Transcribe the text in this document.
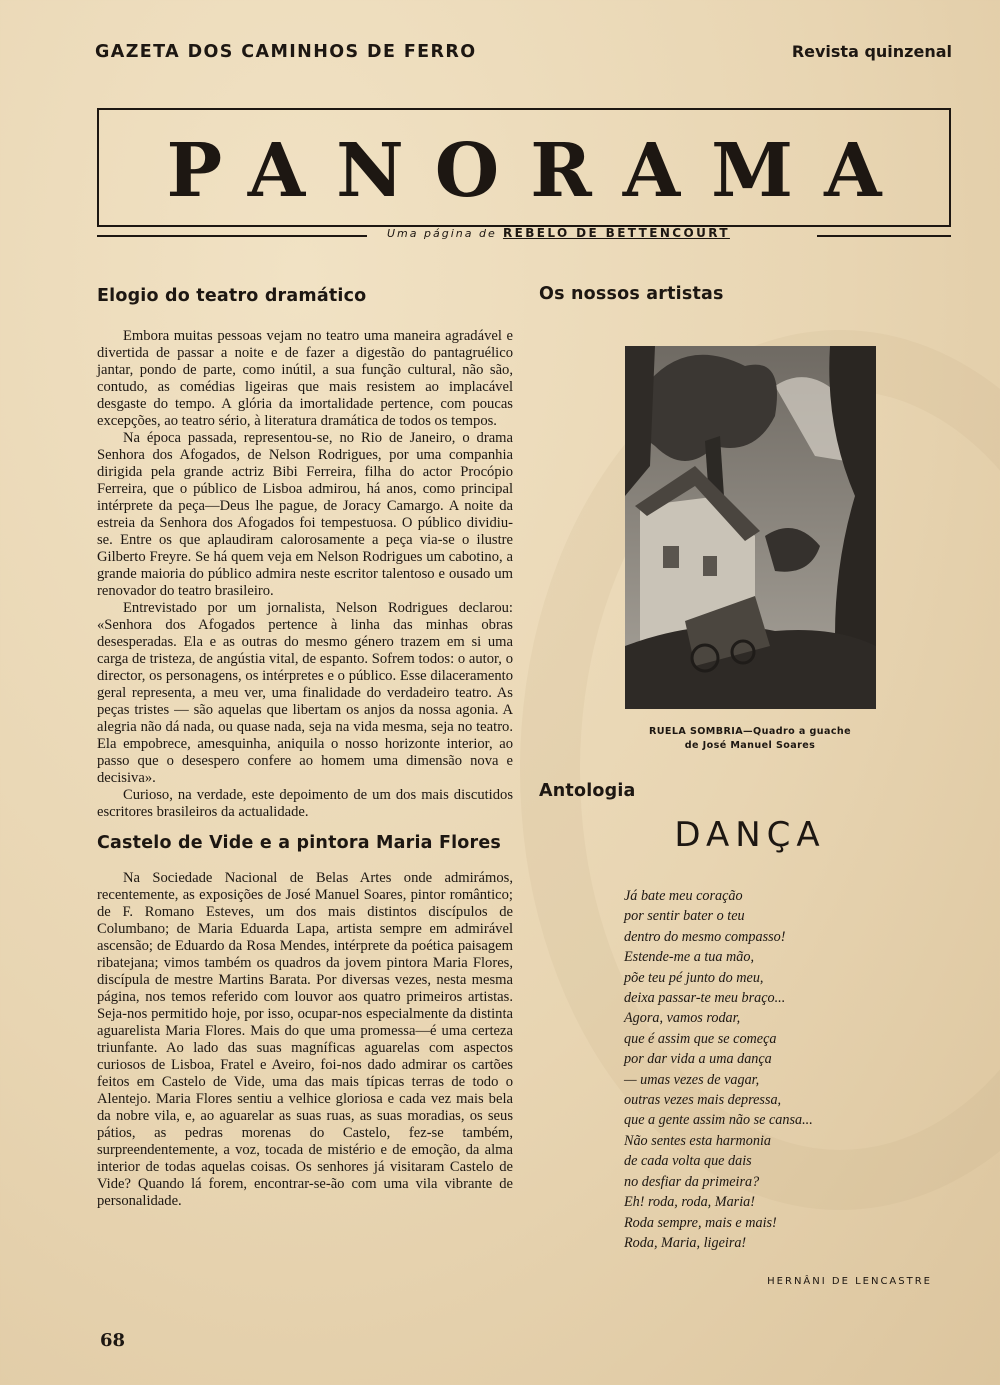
GAZETA DOS CAMINHOS DE FERRO	Revista quinzenal
PANORAMA
Uma página de REBELO DE BETTENCOURT
Elogio do teatro dramático

Embora muitas pessoas vejam no teatro uma maneira agradável e divertida de passar a noite e de fazer a digestão do pantagruélico jantar, pondo de parte, como inútil, a sua função cultural, não são, contudo, as comédias ligeiras que mais resistem ao implacável desgaste do tempo. A glória da imortalidade pertence, com poucas excepções, ao teatro sério, à literatura dramática de todos os tempos.

Na época passada, representou-se, no Rio de Janeiro, o drama Senhora dos Afogados, de Nelson Rodrigues, por uma companhia dirigida pela grande actriz Bibi Ferreira, filha do actor Procópio Ferreira, que o público de Lisboa admirou, há anos, como principal intérprete da peça—Deus lhe pague, de Joracy Camargo. A noite da estreia da Senhora dos Afogados foi tempestuosa. O público dividiu-se. Entre os que aplaudiram calorosamente a peça via-se o ilustre Gilberto Freyre. Se há quem veja em Nelson Rodrigues um cabotino, a grande maioria do público admira neste escritor talentoso e ousado um renovador do teatro brasileiro.

Entrevistado por um jornalista, Nelson Rodrigues declarou: «Senhora dos Afogados pertence à linha das minhas obras desesperadas. Ela e as outras do mesmo género trazem em si uma carga de tristeza, de angústia vital, de espanto. Sofrem todos: o autor, o director, os personagens, os intérpretes e o público. Esse dilaceramento geral representa, a meu ver, uma finalidade do verdadeiro teatro. As peças tristes — são aquelas que libertam os anjos da nossa agonia. A alegria não dá nada, ou quase nada, seja na vida mesma, seja no teatro. Ela empobrece, amesquinha, aniquila o nosso horizonte interior, ao passo que o desespero confere ao homem uma dimensão nova e decisiva».

Curioso, na verdade, este depoimento de um dos mais discutidos escritores brasileiros da actualidade.

Castelo de Vide e a pintora Maria Flores

Na Sociedade Nacional de Belas Artes onde admirámos, recentemente, as exposições de José Manuel Soares, pintor romântico; de F. Romano Esteves, um dos mais distintos discípulos de Columbano; de Maria Eduarda Lapa, artista sempre em admirável ascensão; de Eduardo da Rosa Mendes, intérprete da poética paisagem ribatejana; vimos também os quadros da jovem pintora Maria Flores, discípula de mestre Martins Barata. Por diversas vezes, nesta mesma página, nos temos referido com louvor aos quatro primeiros artistas. Seja-nos permitido hoje, por isso, ocupar-nos especialmente da distinta aguarelista Maria Flores. Mais do que uma promessa—é uma certeza triunfante. Ao lado das suas magníficas aguarelas com aspectos curiosos de Lisboa, Fratel e Aveiro, foi-nos dado admirar os cartões feitos em Castelo de Vide, uma das mais típicas terras de todo o Alentejo. Maria Flores sentiu a velhice gloriosa e cada vez mais bela da nobre vila, e, ao aguarelar as suas ruas, as suas moradias, os seus pátios, as pedras morenas do Castelo, fez-se também, surpreendentemente, a voz, tocada de mistério e de emoção, da alma interior de todas aquelas coisas. Os senhores já visitaram Castelo de Vide? Quando lá forem, encontrar-se-ão com uma vila vibrante de personalidade.

Os nossos artistas
RUELA SOMBRIA—Quadro a guache
de José Manuel Soares
Antologia
DANÇA
Já bate meu coração
por sentir bater o teu
dentro do mesmo compasso!
Estende-me a tua mão,
põe teu pé junto do meu,
deixa passar-te meu braço...
Agora, vamos rodar,
que é assim que se começa
por dar vida a uma dança
— umas vezes de vagar,
outras vezes mais depressa,
que a gente assim não se cansa...
Não sentes esta harmonia
de cada volta que dais
no desfiar da primeira?
Eh! roda, roda, Maria!
Roda sempre, mais e mais!
Roda, Maria, ligeira!
HERNÂNI DE LENCASTRE
68
